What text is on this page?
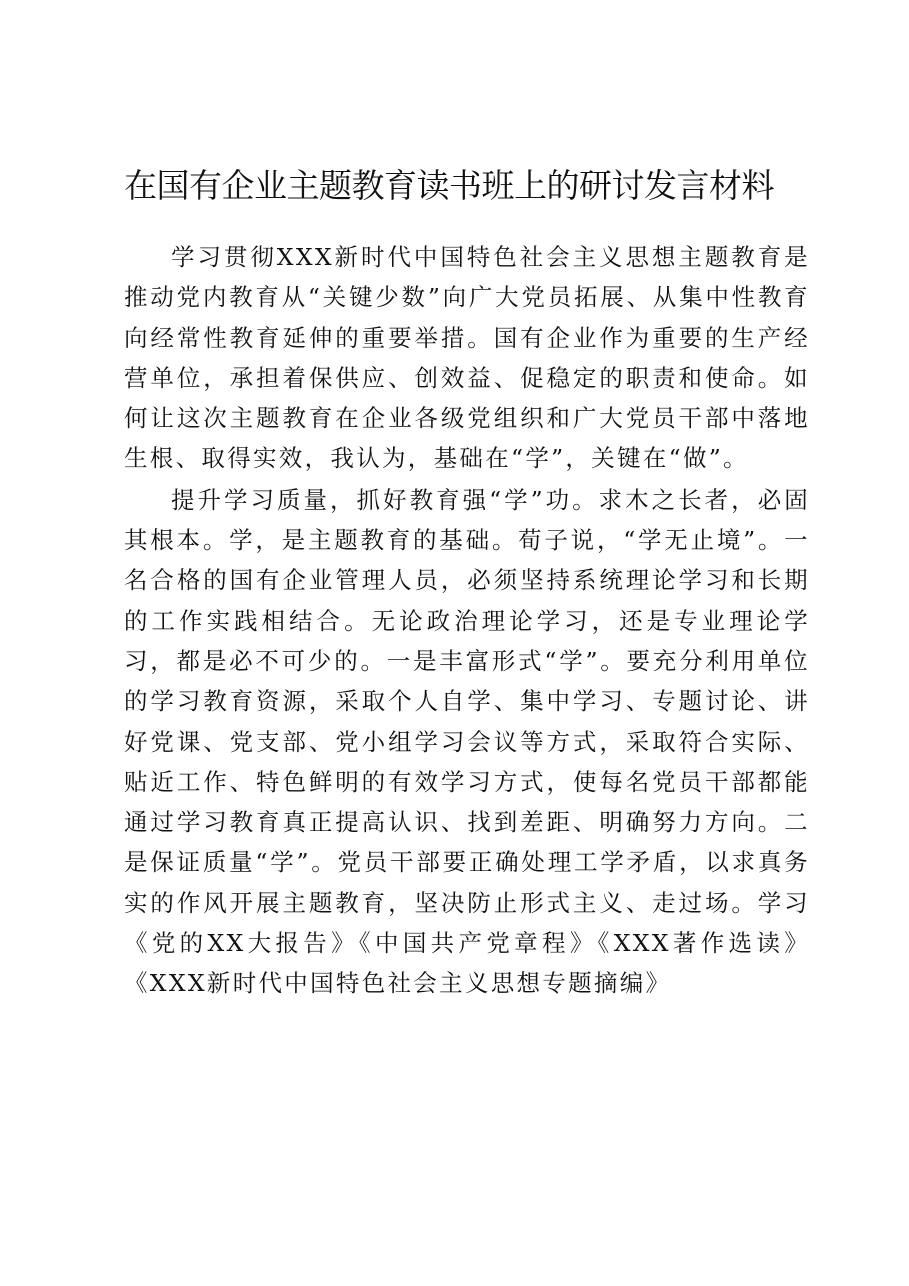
在国有企业主题教育读书班上的研讨发言材料

学习贯彻XXX新时代中国特色社会主义思想主题教育是推动党内教育从“关键少数”向广大党员拓展、从集中性教育向经常性教育延伸的重要举措。国有企业作为重要的生产经营单位，承担着保供应、创效益、促稳定的职责和使命。如何让这次主题教育在企业各级党组织和广大党员干部中落地生根、取得实效，我认为，基础在“学”，关键在“做”。

提升学习质量，抓好教育强“学”功。求木之长者，必固其根本。学，是主题教育的基础。荀子说，“学无止境”。一名合格的国有企业管理人员，必须坚持系统理论学习和长期的工作实践相结合。无论政治理论学习，还是专业理论学习，都是必不可少的。一是丰富形式“学”。要充分利用单位的学习教育资源，采取个人自学、集中学习、专题讨论、讲好党课、党支部、党小组学习会议等方式，采取符合实际、贴近工作、特色鲜明的有效学习方式，使每名党员干部都能通过学习教育真正提高认识、找到差距、明确努力方向。二是保证质量“学”。党员干部要正确处理工学矛盾，以求真务实的作风开展主题教育，坚决防止形式主义、走过场。学习《党的XX大报告》《中国共产党章程》《XXX著作选读》《XXX新时代中国特色社会主义思想专题摘编》
